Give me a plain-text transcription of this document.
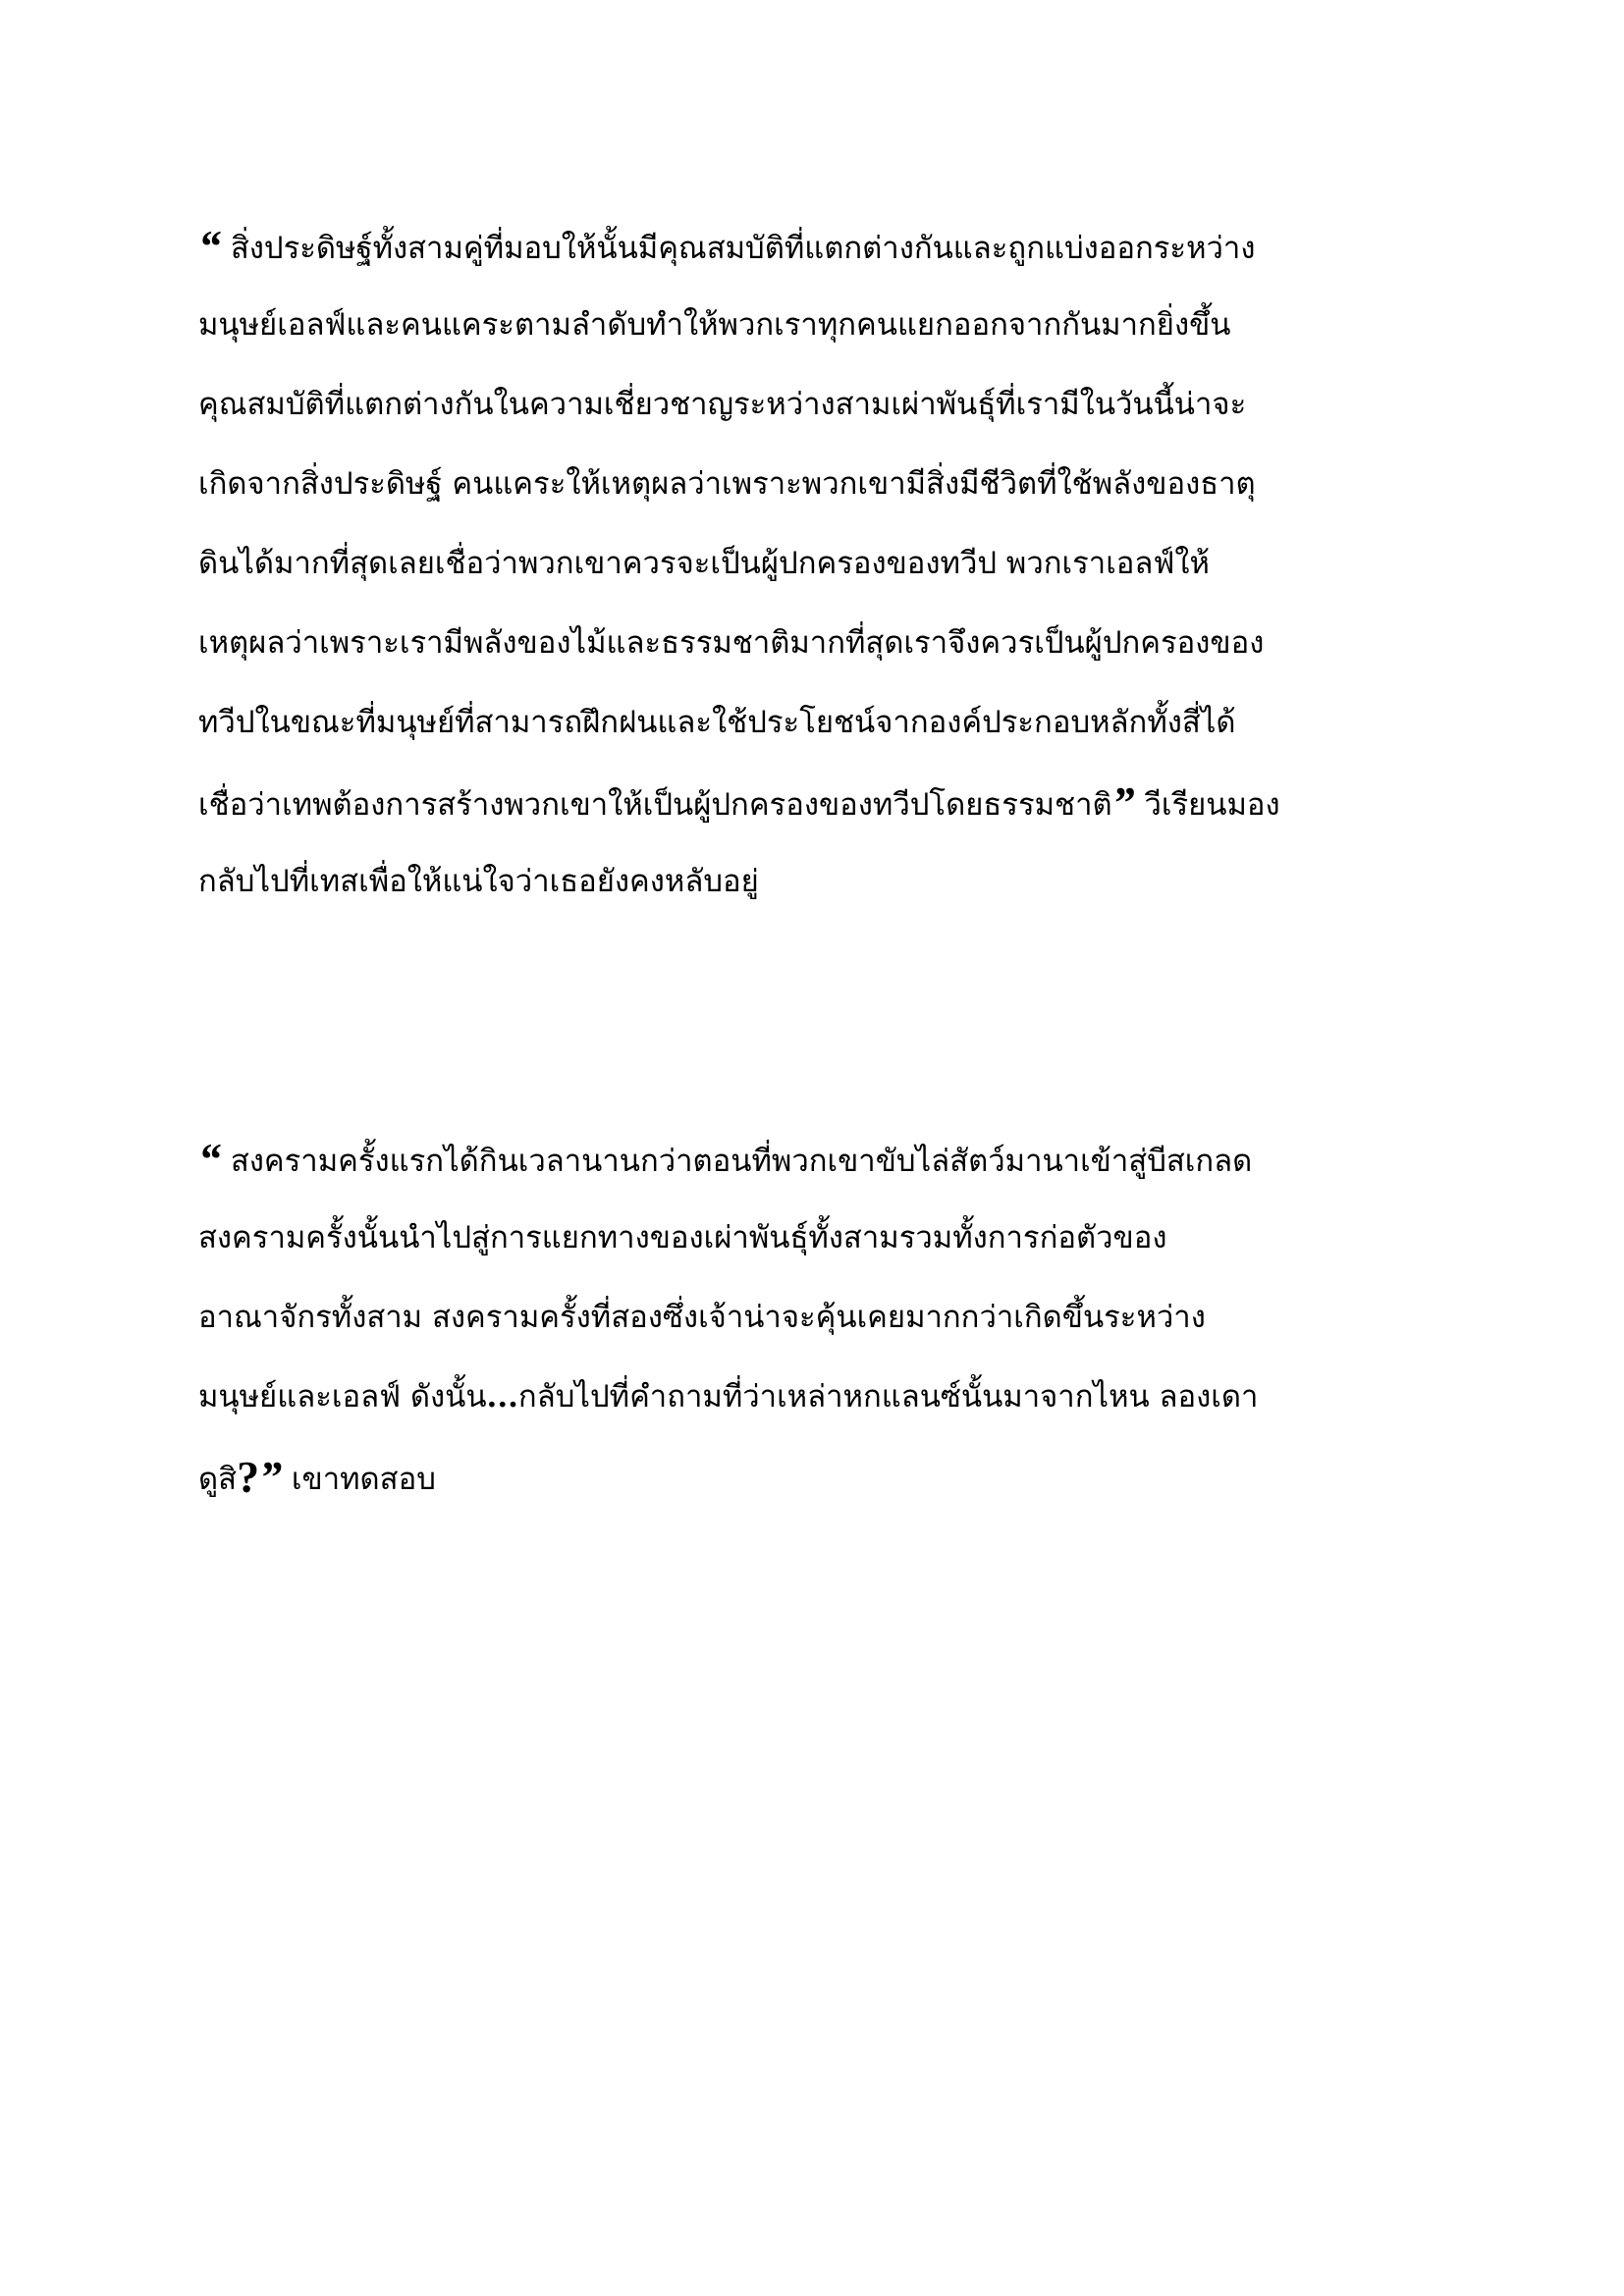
“ สิ่งประดิษฐ์ทั้งสามคู่ที่มอบให้นั้นมีคุณสมบัติที่แตกต่างกันและถูกแบ่งออกระหว่าง
มนุษย์เอลฟ์และคนแคระตามลำดับทำให้พวกเราทุกคนแยกออกจากกันมากยิ่งขึ้น
คุณสมบัติที่แตกต่างกันในความเชี่ยวชาญระหว่างสามเผ่าพันธุ์ที่เรามีในวันนี้น่าจะ
เกิดจากสิ่งประดิษฐ์ คนแคระให้เหตุผลว่าเพราะพวกเขามีสิ่งมีชีวิตที่ใช้พลังของธาตุ
ดินได้มากที่สุดเลยเชื่อว่าพวกเขาควรจะเป็นผู้ปกครองของทวีป พวกเราเอลฟ์ให้
เหตุผลว่าเพราะเรามีพลังของไม้และธรรมชาติมากที่สุดเราจึงควรเป็นผู้ปกครองของ
ทวีปในขณะที่มนุษย์ที่สามารถฝึกฝนและใช้ประโยชน์จากองค์ประกอบหลักทั้งสี่ได้
เชื่อว่าเทพต้องการสร้างพวกเขาให้เป็นผู้ปกครองของทวีปโดยธรรมชาติ” วีเรียนมอง
กลับไปที่เทสเพื่อให้แน่ใจว่าเธอยังคงหลับอยู่
“ สงครามครั้งแรกได้กินเวลานานกว่าตอนที่พวกเขาขับไล่สัตว์มานาเข้าสู่บีสเกลด
สงครามครั้งนั้นนำไปสู่การแยกทางของเผ่าพันธุ์ทั้งสามรวมทั้งการก่อตัวของ
อาณาจักรทั้งสาม สงครามครั้งที่สองซึ่งเจ้าน่าจะคุ้นเคยมากกว่าเกิดขึ้นระหว่าง
มนุษย์และเอลฟ์ ดังนั้น...กลับไปที่คำถามที่ว่าเหล่าหกแลนซ์นั้นมาจากไหน ลองเดา
ดูสิ?” เขาทดสอบ
